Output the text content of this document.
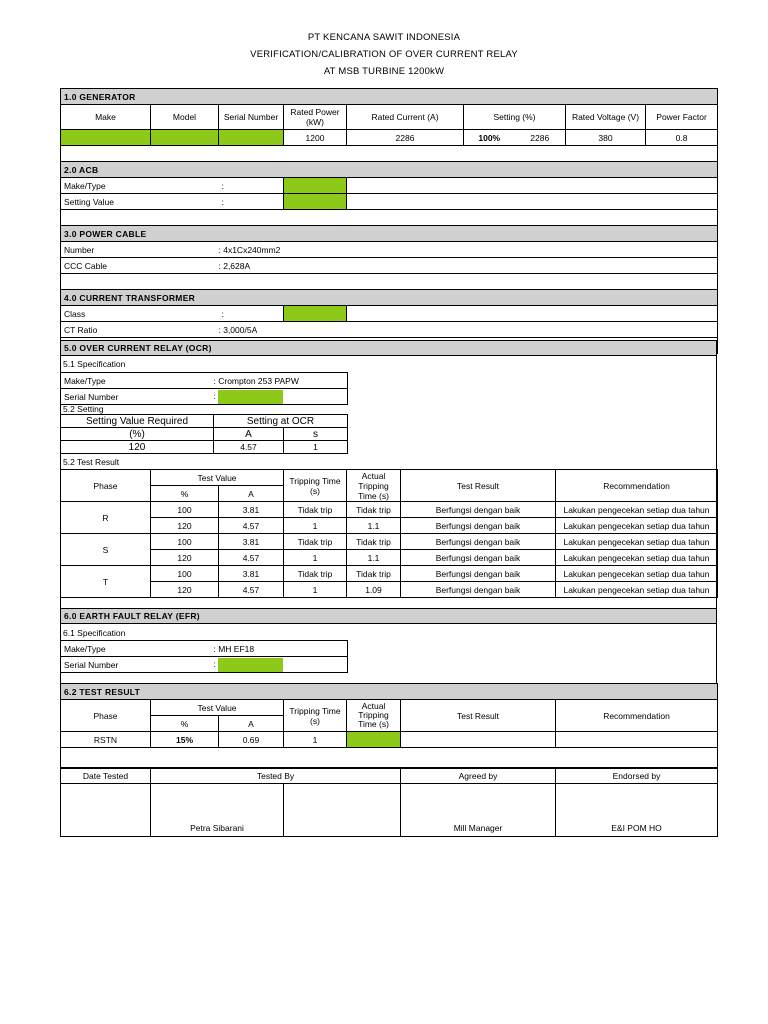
PT KENCANA SAWIT INDONESIA
VERIFICATION/CALIBRATION OF OVER CURRENT RELAY
AT MSB TURBINE 1200kW
1.0 GENERATOR							
Make	Model	Serial Number	Rated Power (kW)	Rated Current (A)	Setting (%)	Rated Voltage (V)	Power Factor
			1200	2286	100% 2286	380	0.8

2.0 ACB							
Make/Type		:					
Setting Value		:					

3.0 POWER CABLE							
Number		: 4x1Cx240mm2					
CCC Cable		: 2,628A					

4.0 CURRENT TRANSFORMER							
Class		:					
CT Ratio		: 3,000/5A					

5.0 OVER CURRENT RELAY (OCR)
5.1 Specification
Make/Type	: Crompton 253 PAPW
Serial Number	:
5.2 Setting
Setting Value Required	Setting at OCR	
(%)	A	s
120	4.57	1
5.2 Test Result
Phase	Test Value		Tripping Time (s)	Actual Tripping Time (s)	Test Result	Recommendation
	%	A				
R	100	3.81	Tidak trip	Tidak trip	Berfungsi dengan baik	Lakukan pengecekan setiap dua tahun
	120	4.57	1	1.1	Berfungsi dengan baik	Lakukan pengecekan setiap dua tahun
S	100	3.81	Tidak trip	Tidak trip	Berfungsi dengan baik	Lakukan pengecekan setiap dua tahun
	120	4.57	1	1.1	Berfungsi dengan baik	Lakukan pengecekan setiap dua tahun
T	100	3.81	Tidak trip	Tidak trip	Berfungsi dengan baik	Lakukan pengecekan setiap dua tahun
	120	4.57	1	1.09	Berfungsi dengan baik	Lakukan pengecekan setiap dua tahun
6.0 EARTH FAULT RELAY (EFR)
6.1 Specification
Make/Type	: MH EF18
Serial Number	:
6.2 TEST RESULT						
Phase	Test Value		Tripping Time (s)	Actual Tripping Time (s)	Test Result	Recommendation
	%	A				
RSTN	15%	0.69	1			

Date Tested	Tested By		Agreed by	Endorsed by
	Petra Sibarani		Mill Manager	E&I POM HO
